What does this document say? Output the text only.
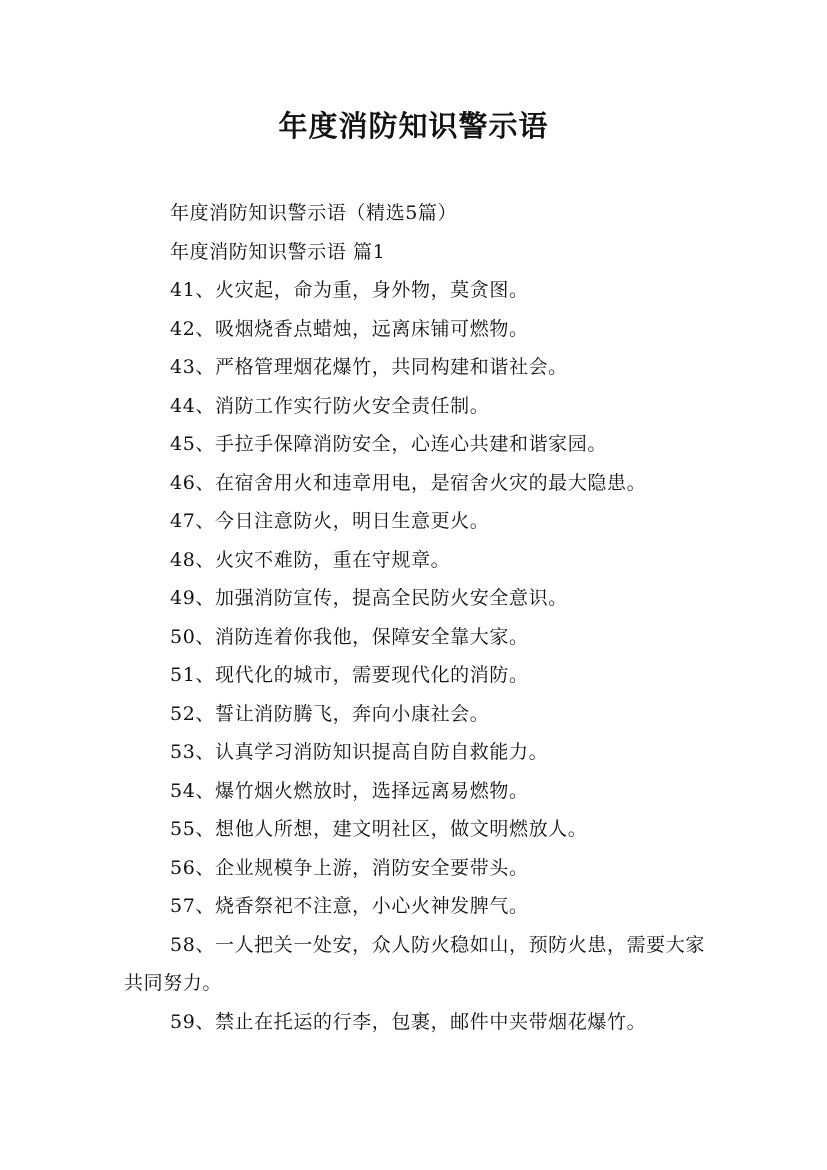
年度消防知识警示语

年度消防知识警示语（精选5篇）

年度消防知识警示语 篇1

41、火灾起，命为重，身外物，莫贪图。

42、吸烟烧香点蜡烛，远离床铺可燃物。

43、严格管理烟花爆竹，共同构建和谐社会。

44、消防工作实行防火安全责任制。

45、手拉手保障消防安全，心连心共建和谐家园。

46、在宿舍用火和违章用电，是宿舍火灾的最大隐患。

47、今日注意防火，明日生意更火。

48、火灾不难防，重在守规章。

49、加强消防宣传，提高全民防火安全意识。

50、消防连着你我他，保障安全靠大家。

51、现代化的城市，需要现代化的消防。

52、誓让消防腾飞，奔向小康社会。

53、认真学习消防知识提高自防自救能力。

54、爆竹烟火燃放时，选择远离易燃物。

55、想他人所想，建文明社区，做文明燃放人。

56、企业规模争上游，消防安全要带头。

57、烧香祭祀不注意，小心火神发脾气。

58、一人把关一处安，众人防火稳如山，预防火患，需要大家共同努力。

59、禁止在托运的行李，包裹，邮件中夹带烟花爆竹。
